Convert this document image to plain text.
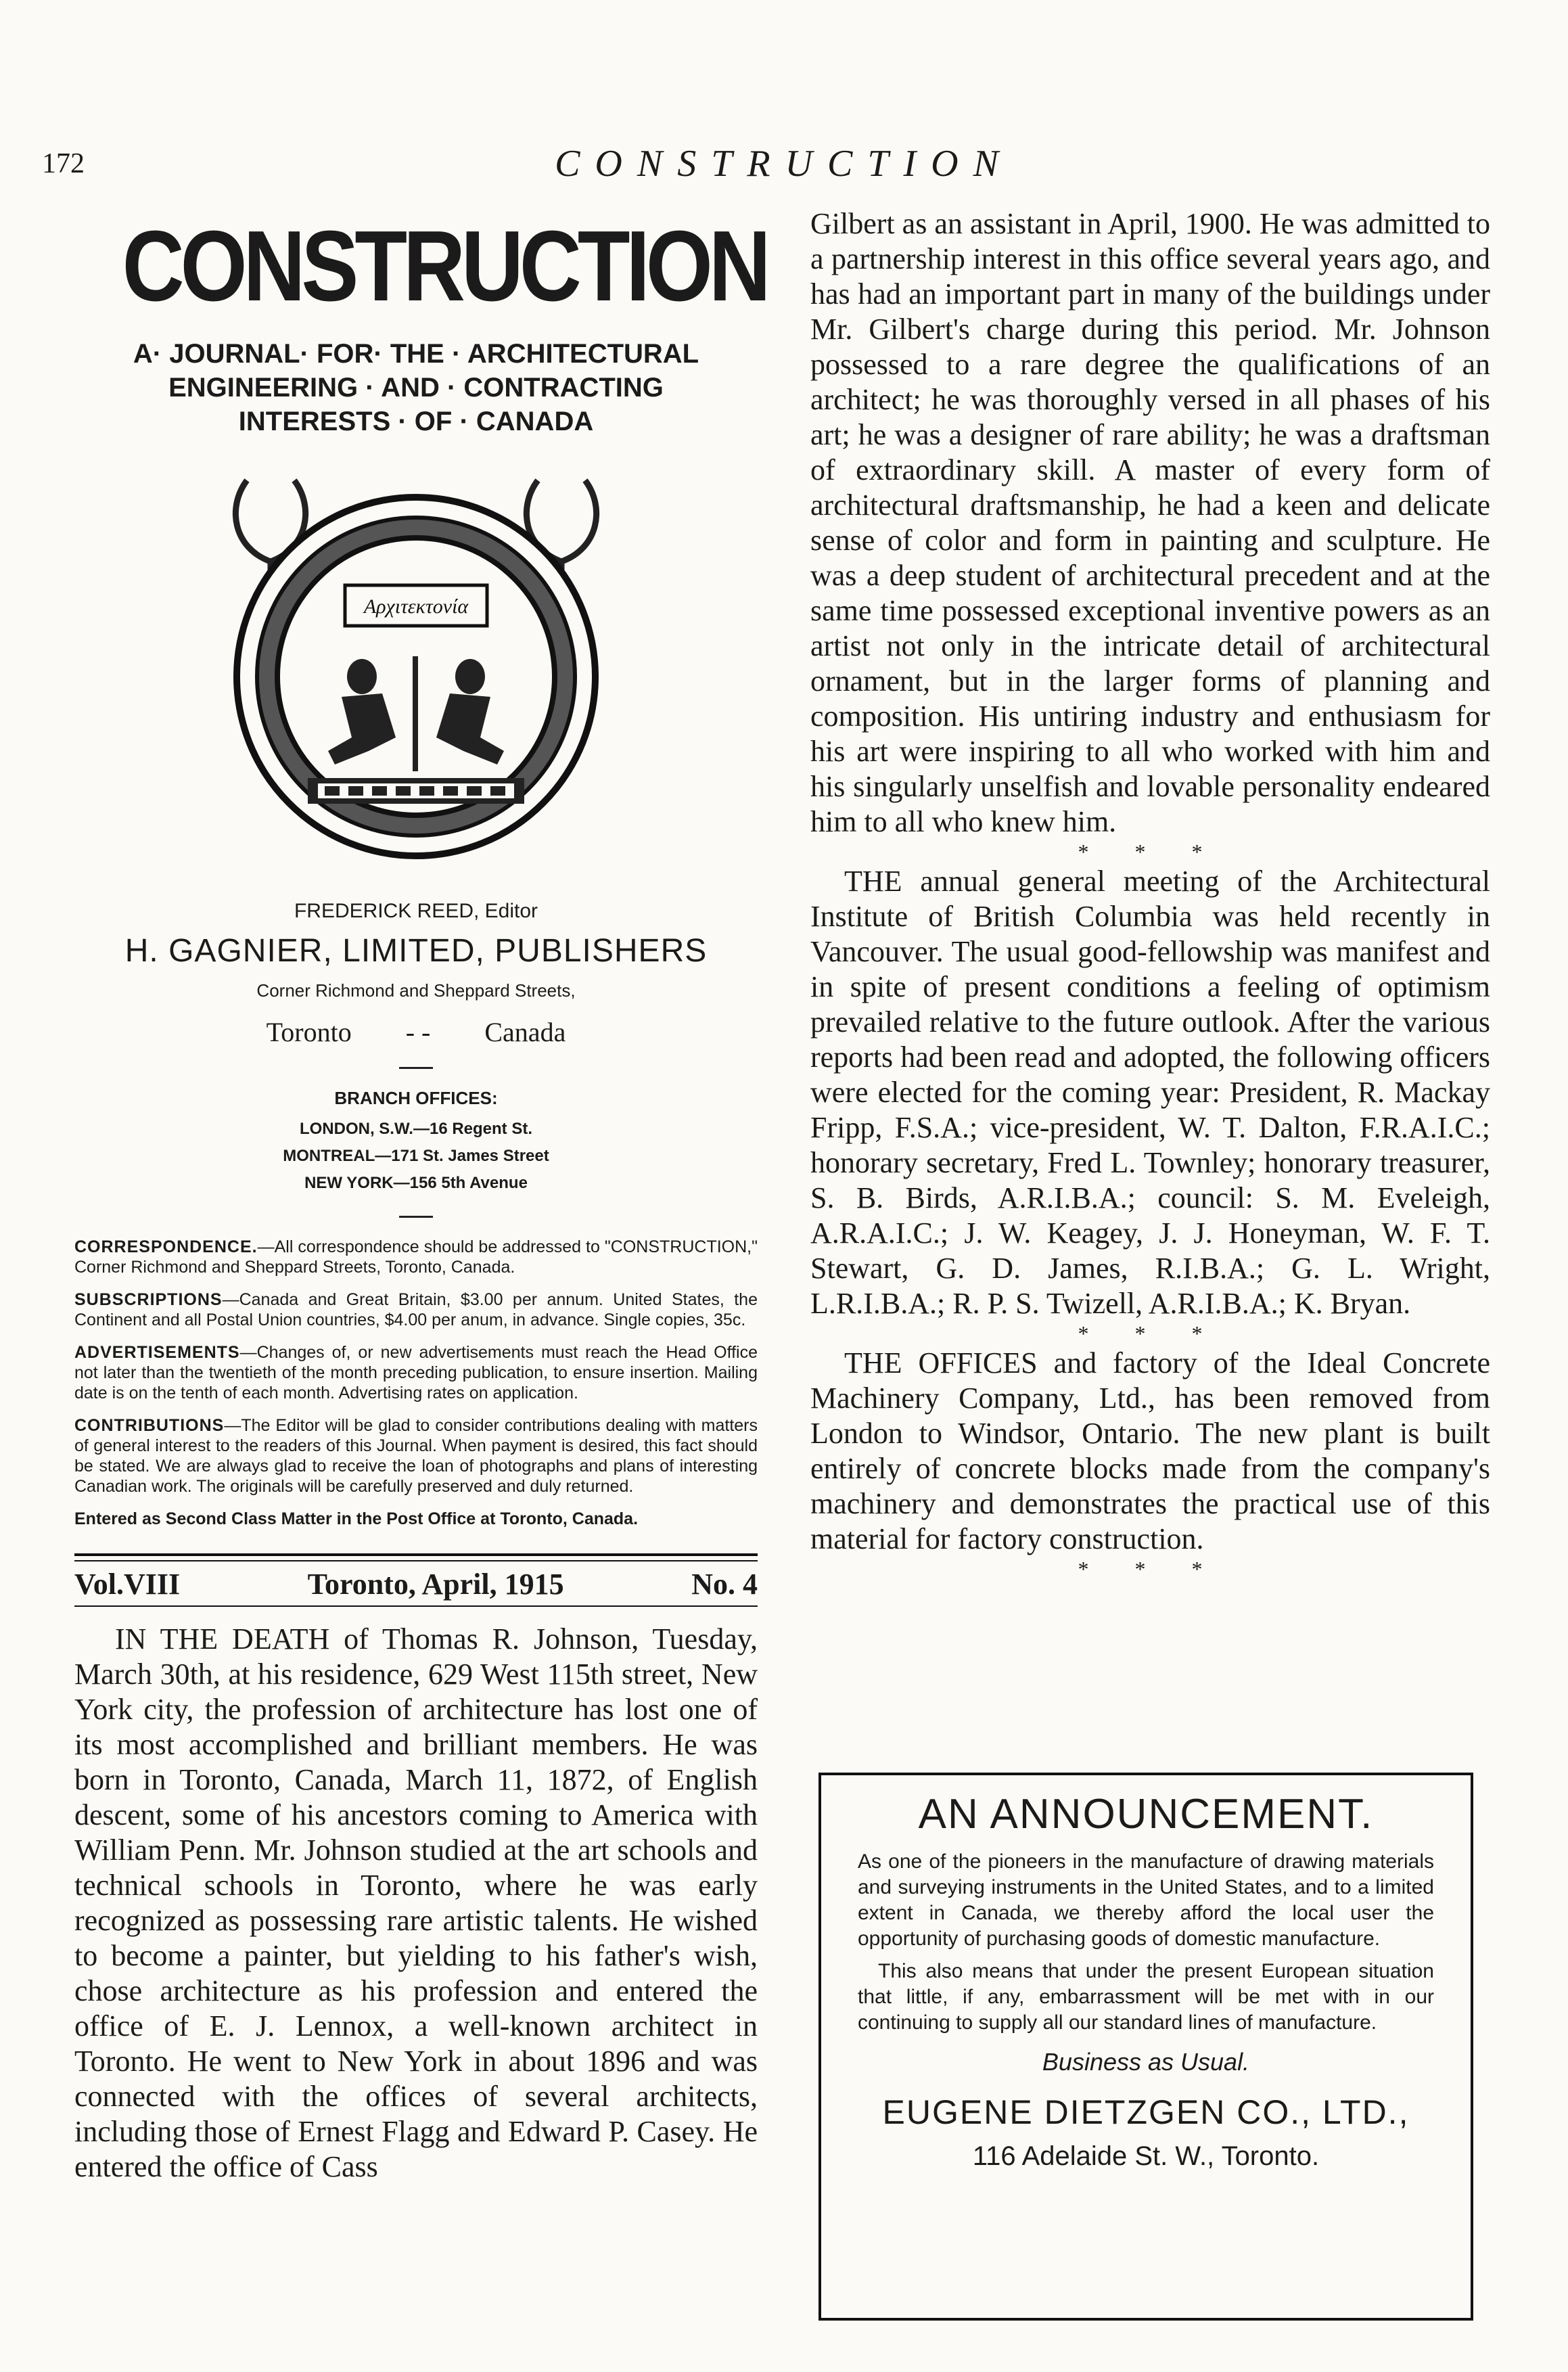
172	CONSTRUCTION
CONSTRUCTION
A· JOURNAL· FOR· THE · ARCHITECTURAL
ENGINEERING · AND · CONTRACTING
INTERESTS · OF · CANADA
Αρχιτεκτονία
FREDERICK REED, Editor
H. GAGNIER, LIMITED, PUBLISHERS
Corner Richmond and Sheppard Streets,
Toronto - - Canada
BRANCH OFFICES:
LONDON, S.W.—16 Regent St.
MONTREAL—171 St. James Street
NEW YORK—156 5th Avenue
CORRESPONDENCE.—All correspondence should be addressed to "CONSTRUCTION," Corner Richmond and Sheppard Streets, Toronto, Canada.
SUBSCRIPTIONS—Canada and Great Britain, $3.00 per annum. United States, the Continent and all Postal Union countries, $4.00 per anum, in advance. Single copies, 35c.
ADVERTISEMENTS—Changes of, or new advertisements must reach the Head Office not later than the twentieth of the month preceding publication, to ensure insertion. Mailing date is on the tenth of each month. Advertising rates on application.
CONTRIBUTIONS—The Editor will be glad to consider contributions dealing with matters of general interest to the readers of this Journal. When payment is desired, this fact should be stated. We are always glad to receive the loan of photographs and plans of interesting Canadian work. The originals will be carefully preserved and duly returned.
Entered as Second Class Matter in the Post Office at Toronto, Canada.
Vol.VIII	Toronto, April, 1915	No. 4

IN THE DEATH of Thomas R. Johnson, Tuesday, March 30th, at his residence, 629 West 115th street, New York city, the profession of architecture has lost one of its most accomplished and brilliant members. He was born in Toronto, Canada, March 11, 1872, of English descent, some of his ancestors coming to America with William Penn. Mr. Johnson studied at the art schools and technical schools in Toronto, where he was early recognized as possessing rare artistic talents. He wished to become a painter, but yielding to his father's wish, chose architecture as his profession and entered the office of E. J. Lennox, a well-known architect in Toronto. He went to New York in about 1896 and was connected with the offices of several architects, including those of Ernest Flagg and Edward P. Casey. He entered the office of Cass

Gilbert as an assistant in April, 1900. He was admitted to a partnership interest in this office several years ago, and has had an important part in many of the buildings under Mr. Gilbert's charge during this period. Mr. Johnson possessed to a rare degree the qualifications of an architect; he was thoroughly versed in all phases of his art; he was a designer of rare ability; he was a draftsman of extraordinary skill. A master of every form of architectural draftsmanship, he had a keen and delicate sense of color and form in painting and sculpture. He was a deep student of architectural precedent and at the same time possessed exceptional inventive powers as an artist not only in the intricate detail of architectural ornament, but in the larger forms of planning and composition. His untiring industry and enthusiasm for his art were inspiring to all who worked with him and his singularly unselfish and lovable personality endeared him to all who knew him.

* * *

THE annual general meeting of the Architectural Institute of British Columbia was held recently in Vancouver. The usual good-fellowship was manifest and in spite of present conditions a feeling of optimism prevailed relative to the future outlook. After the various reports had been read and adopted, the following officers were elected for the coming year: President, R. Mackay Fripp, F.S.A.; vice-president, W. T. Dalton, F.R.A.I.C.; honorary secretary, Fred L. Townley; honorary treasurer, S. B. Birds, A.R.I.B.A.; council: S. M. Eveleigh, A.R.A.I.C.; J. W. Keagey, J. J. Honeyman, W. F. T. Stewart, G. D. James, R.I.B.A.; G. L. Wright, L.R.I.B.A.; R. P. S. Twizell, A.R.I.B.A.; K. Bryan.

* * *

THE OFFICES and factory of the Ideal Concrete Machinery Company, Ltd., has been removed from London to Windsor, Ontario. The new plant is built entirely of concrete blocks made from the company's machinery and demonstrates the practical use of this material for factory construction.

* * *
AN ANNOUNCEMENT.

As one of the pioneers in the manufacture of drawing materials and surveying instruments in the United States, and to a limited extent in Canada, we thereby afford the local user the opportunity of purchasing goods of domestic manufacture.

This also means that under the present European situation that little, if any, embarrassment will be met with in our continuing to supply all our standard lines of manufacture.

Business as Usual.
EUGENE DIETZGEN CO., LTD.,
116 Adelaide St. W., Toronto.
